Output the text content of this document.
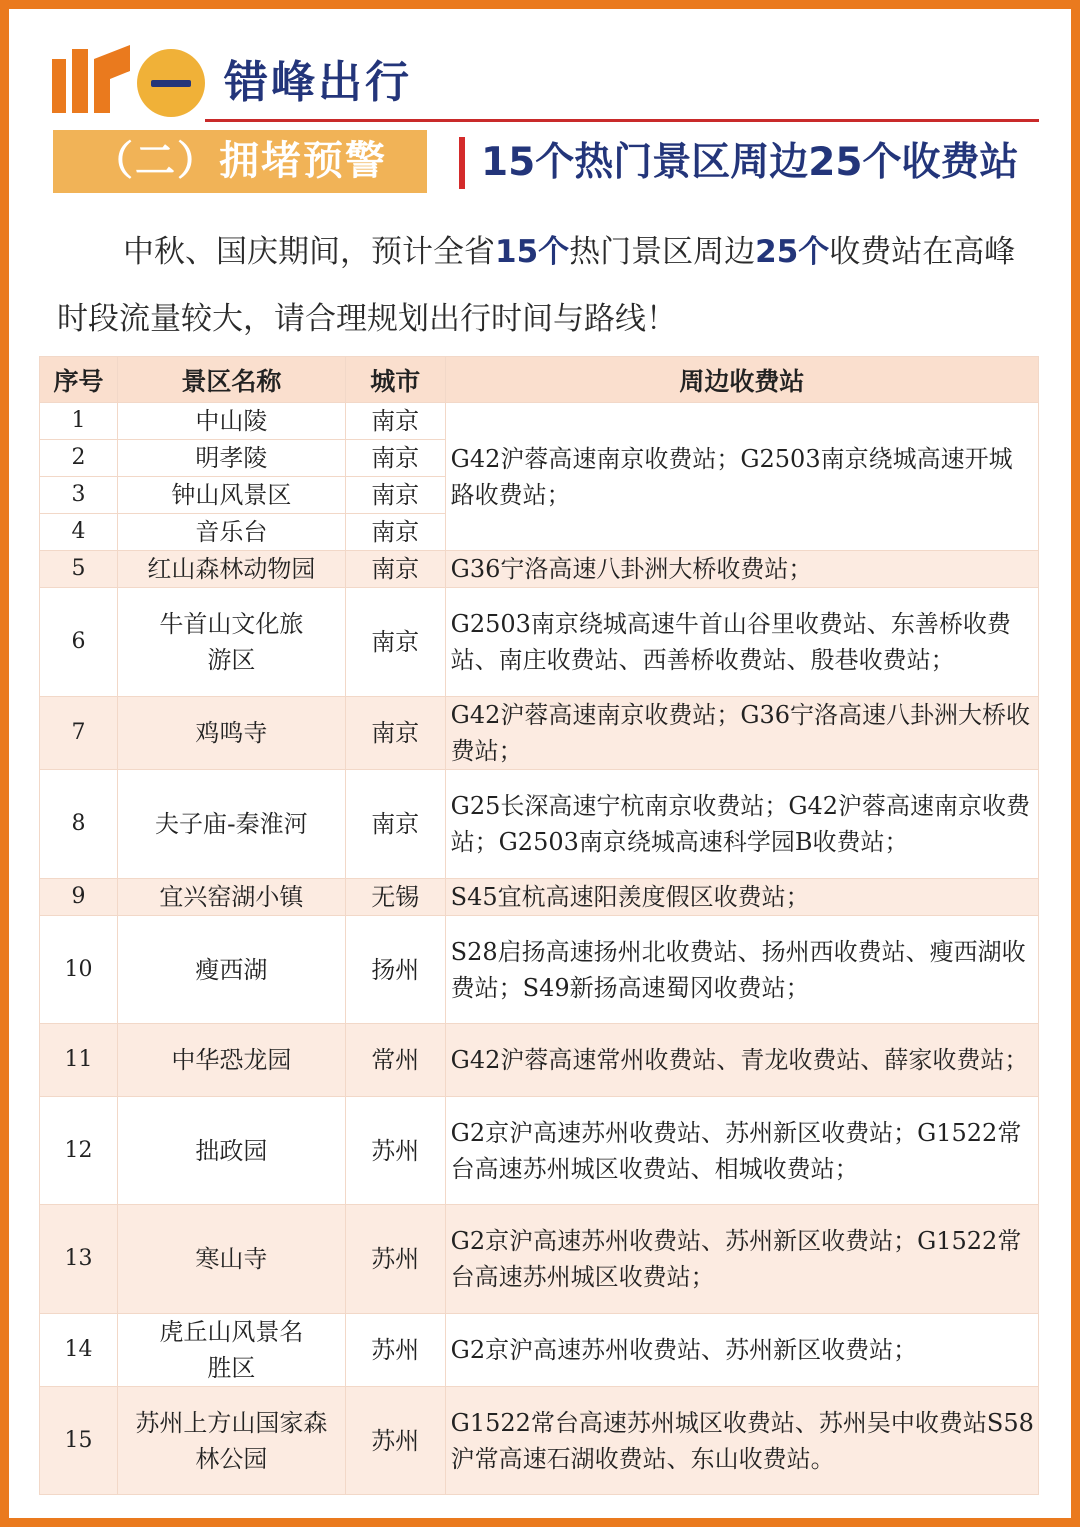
错峰出行
（二）拥堵预警	15个热门景区周边25个收费站

中秋、国庆期间，预计全省15个热门景区周边25个收费站在高峰时段流量较大，请合理规划出行时间与路线！

序号	景区名称	城市	周边收费站
1	中山陵	南京	G42沪蓉高速南京收费站；G2503南京绕城高速开城路收费站；
2	明孝陵	南京	
3	钟山风景区	南京	
4	音乐台	南京	
5	红山森林动物园	南京	G36宁洛高速八卦洲大桥收费站；
6	牛首山文化旅游区	南京	G2503南京绕城高速牛首山谷里收费站、东善桥收费站、南庄收费站、西善桥收费站、殷巷收费站；
7	鸡鸣寺	南京	G42沪蓉高速南京收费站；G36宁洛高速八卦洲大桥收费站；
8	夫子庙-秦淮河	南京	G25长深高速宁杭南京收费站；G42沪蓉高速南京收费站；G2503南京绕城高速科学园B收费站；
9	宜兴窑湖小镇	无锡	S45宜杭高速阳羡度假区收费站；
10	瘦西湖	扬州	S28启扬高速扬州北收费站、扬州西收费站、瘦西湖收费站；S49新扬高速蜀冈收费站；
11	中华恐龙园	常州	G42沪蓉高速常州收费站、青龙收费站、薛家收费站；
12	拙政园	苏州	G2京沪高速苏州收费站、苏州新区收费站；G1522常台高速苏州城区收费站、相城收费站；
13	寒山寺	苏州	G2京沪高速苏州收费站、苏州新区收费站；G1522常台高速苏州城区收费站；
14	虎丘山风景名胜区	苏州	G2京沪高速苏州收费站、苏州新区收费站；
15	苏州上方山国家森林公园	苏州	G1522常台高速苏州城区收费站、苏州吴中收费站S58沪常高速石湖收费站、东山收费站。
